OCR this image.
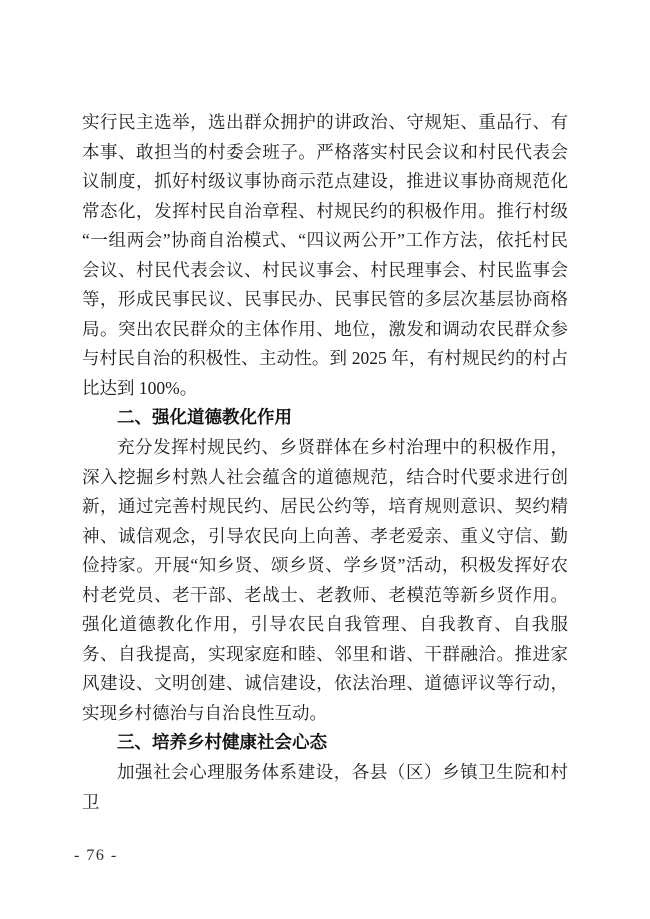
实行民主选举，选出群众拥护的讲政治、守规矩、重品行、有本事、敢担当的村委会班子。严格落实村民会议和村民代表会议制度，抓好村级议事协商示范点建设，推进议事协商规范化常态化，发挥村民自治章程、村规民约的积极作用。推行村级“一组两会”协商自治模式、“四议两公开”工作方法，依托村民会议、村民代表会议、村民议事会、村民理事会、村民监事会等，形成民事民议、民事民办、民事民管的多层次基层协商格局。突出农民群众的主体作用、地位，激发和调动农民群众参与村民自治的积极性、主动性。到 2025 年，有村规民约的村占比达到 100%。

二、强化道德教化作用

充分发挥村规民约、乡贤群体在乡村治理中的积极作用，深入挖掘乡村熟人社会蕴含的道德规范，结合时代要求进行创新，通过完善村规民约、居民公约等，培育规则意识、契约精神、诚信观念，引导农民向上向善、孝老爱亲、重义守信、勤俭持家。开展“知乡贤、颂乡贤、学乡贤”活动，积极发挥好农村老党员、老干部、老战士、老教师、老模范等新乡贤作用。强化道德教化作用，引导农民自我管理、自我教育、自我服务、自我提高，实现家庭和睦、邻里和谐、干群融洽。推进家风建设、文明创建、诚信建设，依法治理、道德评议等行动，实现乡村德治与自治良性互动。

三、培养乡村健康社会心态

加强社会心理服务体系建设，各县（区）乡镇卫生院和村卫

- 76 -
